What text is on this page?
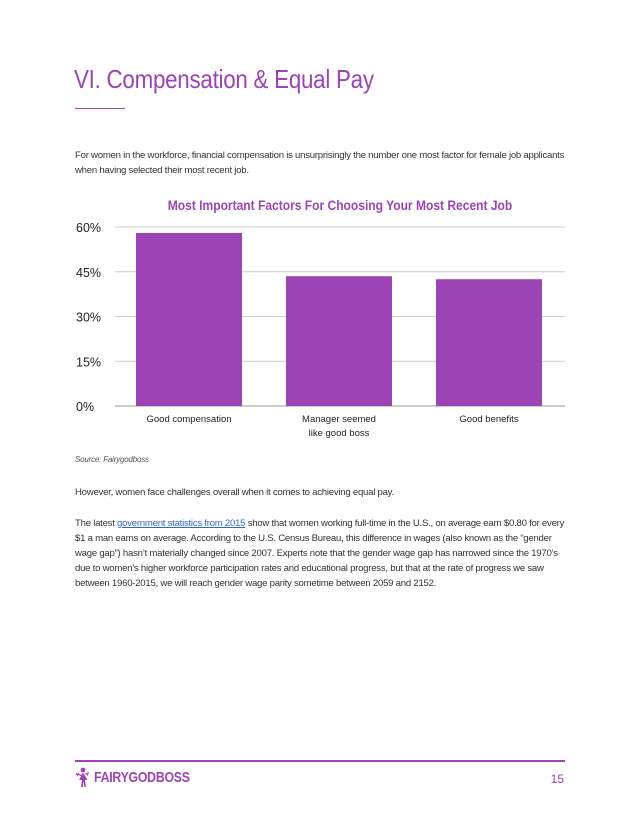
VI. Compensation & Equal Pay

For women in the workforce, financial compensation is unsurprisingly the number one most factor for female job applicants when having selected their most recent job.

Most Important Factors For Choosing Your Most Recent Job
0%
15%
30%
45%
60%
Good compensation	Manager seemed
like good boss
Good benefits

Source: Fairygodboss

However, women face challenges overall when it comes to achieving equal pay.

The latest government statistics from 2015 show that women working full-time in the U.S., on average earn $0.80 for every $1 a man earns on average. According to the U.S. Census Bureau, this difference in wages (also known as the “gender wage gap”) hasn’t materially changed since 2007. Experts note that the gender wage gap has narrowed since the 1970’s due to women’s higher workforce participation rates and educational progress, but that at the rate of progress we saw between 1960-2015, we will reach gender wage parity sometime between 2059 and 2152.

FAIRYGODBOSS	15
